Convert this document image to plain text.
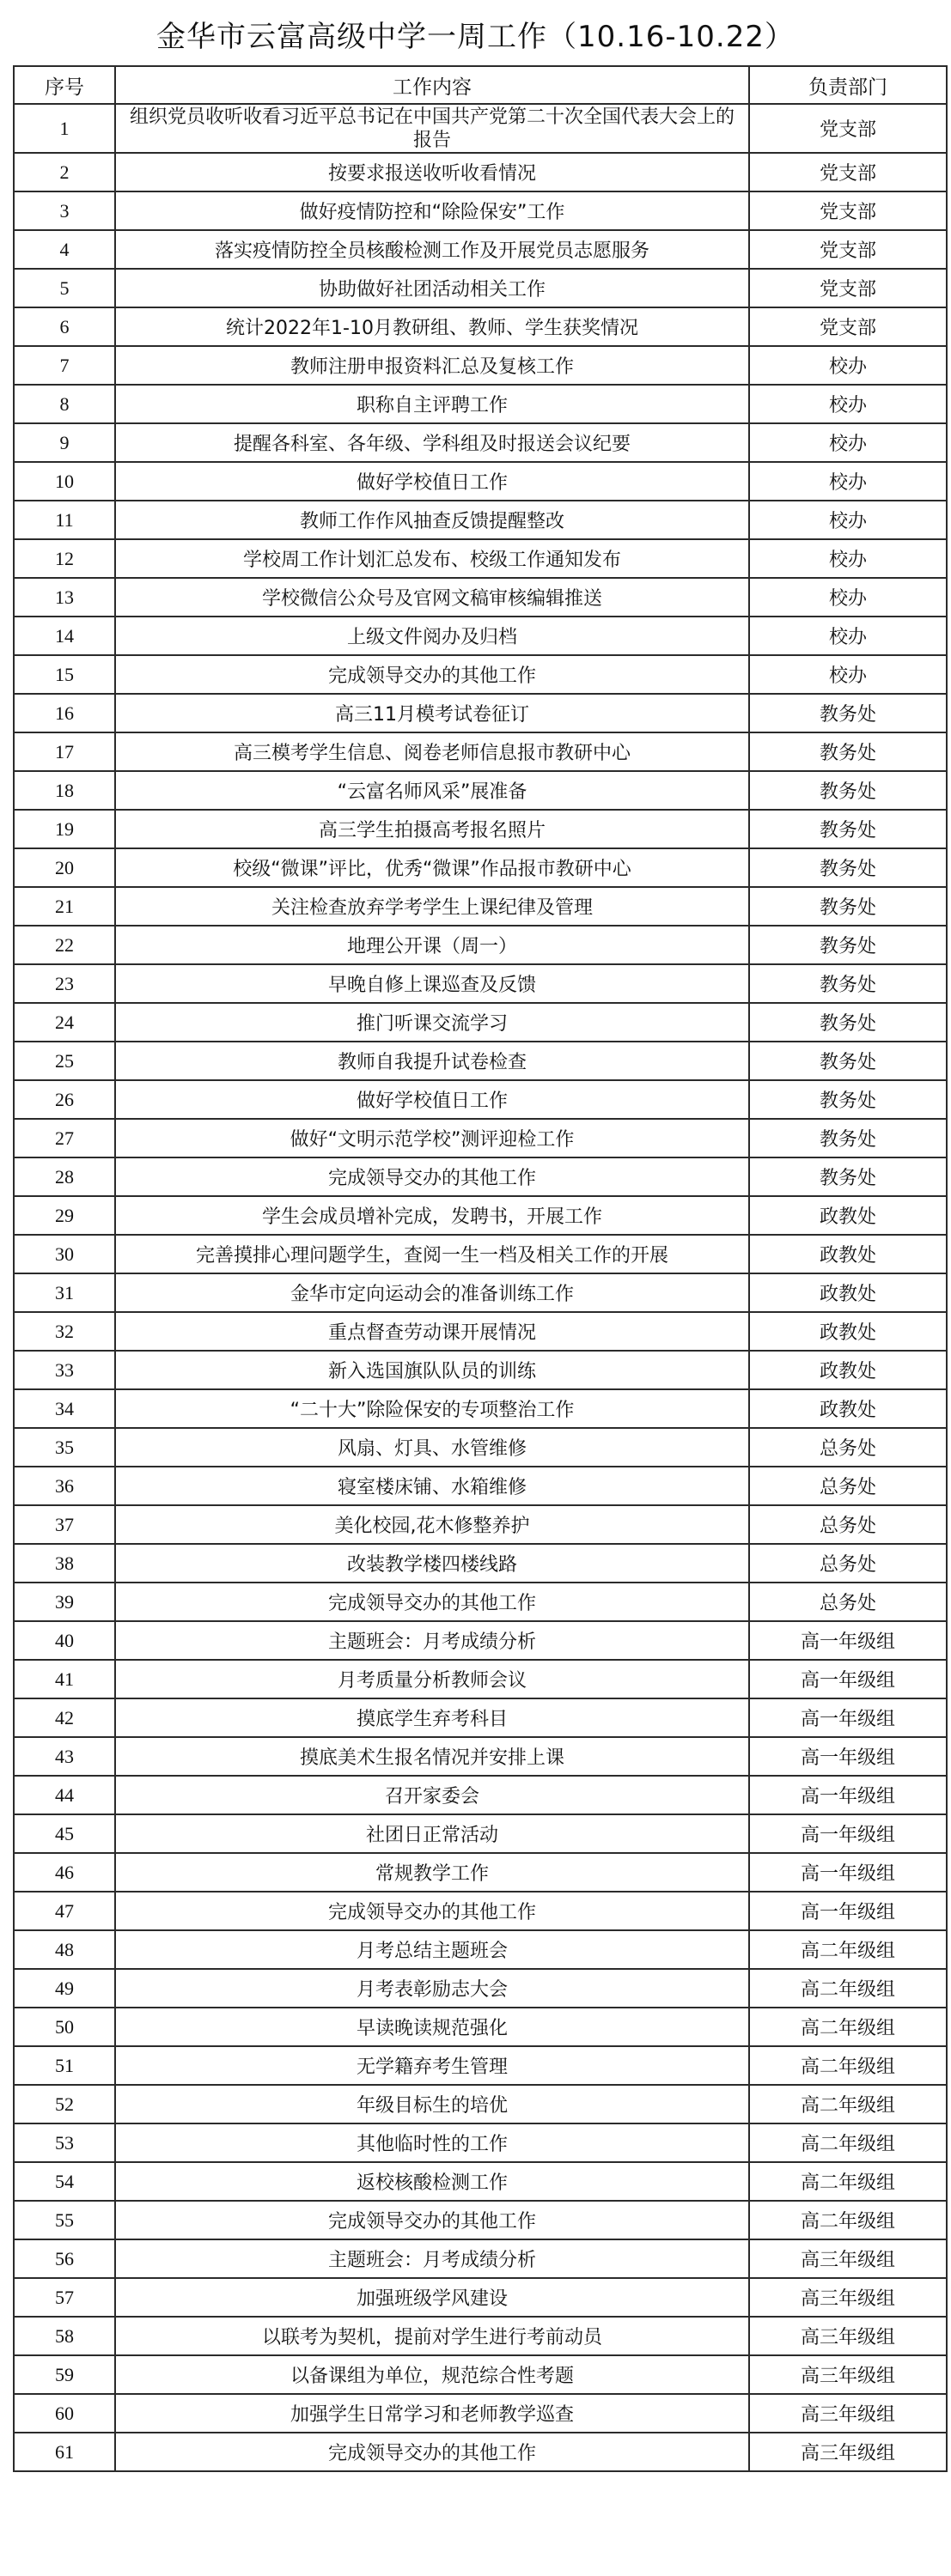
金华市云富高级中学一周工作（10.16-10.22）
序号	工作内容	负责部门
1	组织党员收听收看习近平总书记在中国共产党第二十次全国代表大会上的报告	党支部
2	按要求报送收听收看情况	党支部
3	做好疫情防控和“除险保安”工作	党支部
4	落实疫情防控全员核酸检测工作及开展党员志愿服务	党支部
5	协助做好社团活动相关工作	党支部
6	统计2022年1-10月教研组、教师、学生获奖情况	党支部
7	教师注册申报资料汇总及复核工作	校办
8	职称自主评聘工作	校办
9	提醒各科室、各年级、学科组及时报送会议纪要	校办
10	做好学校值日工作	校办
11	教师工作作风抽查反馈提醒整改	校办
12	学校周工作计划汇总发布、校级工作通知发布	校办
13	学校微信公众号及官网文稿审核编辑推送	校办
14	上级文件阅办及归档	校办
15	完成领导交办的其他工作	校办
16	高三11月模考试卷征订	教务处
17	高三模考学生信息、阅卷老师信息报市教研中心	教务处
18	“云富名师风采”展准备	教务处
19	高三学生拍摄高考报名照片	教务处
20	校级“微课”评比，优秀“微课”作品报市教研中心	教务处
21	关注检查放弃学考学生上课纪律及管理	教务处
22	地理公开课（周一）	教务处
23	早晚自修上课巡查及反馈	教务处
24	推门听课交流学习	教务处
25	教师自我提升试卷检查	教务处
26	做好学校值日工作	教务处
27	做好“文明示范学校”测评迎检工作	教务处
28	完成领导交办的其他工作	教务处
29	学生会成员增补完成，发聘书，开展工作	政教处
30	完善摸排心理问题学生，查阅一生一档及相关工作的开展	政教处
31	金华市定向运动会的准备训练工作	政教处
32	重点督查劳动课开展情况	政教处
33	新入选国旗队队员的训练	政教处
34	“二十大”除险保安的专项整治工作	政教处
35	风扇、灯具、水管维修	总务处
36	寝室楼床铺、水箱维修	总务处
37	美化校园,花木修整养护	总务处
38	改装教学楼四楼线路	总务处
39	完成领导交办的其他工作	总务处
40	主题班会：月考成绩分析	高一年级组
41	月考质量分析教师会议	高一年级组
42	摸底学生弃考科目	高一年级组
43	摸底美术生报名情况并安排上课	高一年级组
44	召开家委会	高一年级组
45	社团日正常活动	高一年级组
46	常规教学工作	高一年级组
47	完成领导交办的其他工作	高一年级组
48	月考总结主题班会	高二年级组
49	月考表彰励志大会	高二年级组
50	早读晚读规范强化	高二年级组
51	无学籍弃考生管理	高二年级组
52	年级目标生的培优	高二年级组
53	其他临时性的工作	高二年级组
54	返校核酸检测工作	高二年级组
55	完成领导交办的其他工作	高二年级组
56	主题班会：月考成绩分析	高三年级组
57	加强班级学风建设	高三年级组
58	以联考为契机，提前对学生进行考前动员	高三年级组
59	以备课组为单位，规范综合性考题	高三年级组
60	加强学生日常学习和老师教学巡查	高三年级组
61	完成领导交办的其他工作	高三年级组
